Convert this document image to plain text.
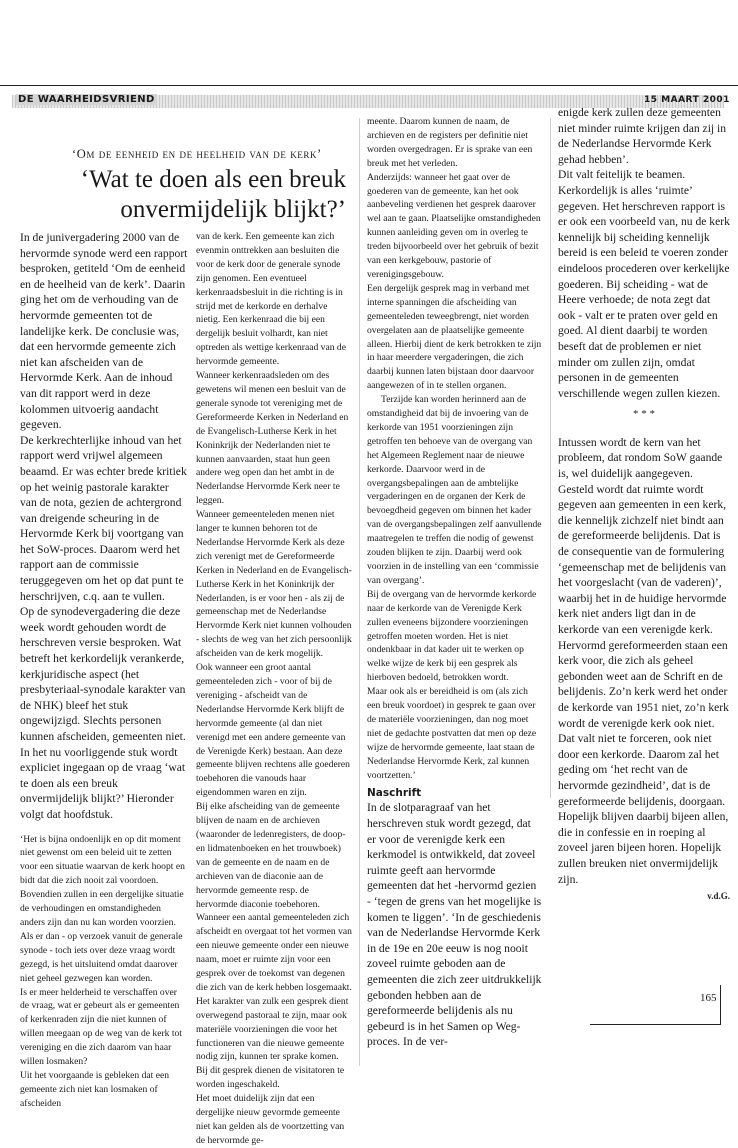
DE WAARHEIDSVRIEND	15 MAART 2001
‘Om de eenheid en de heelheid van de kerk’
‘Wat te doen als een breuk onvermijdelijk blijkt?’

In de junivergadering 2000 van de hervormde synode werd een rapport besproken, getiteld ‘Om de eenheid en de heelheid van de kerk’. Daarin ging het om de verhouding van de hervormde gemeenten tot de landelijke kerk. De conclusie was, dat een hervormde gemeente zich niet kan afscheiden van de Hervormde Kerk. Aan de inhoud van dit rapport werd in deze kolommen uitvoerig aandacht gegeven.

De kerkrechterlijke inhoud van het rapport werd vrijwel algemeen beaamd. Er was echter brede kritiek op het weinig pastorale karakter van de nota, gezien de achtergrond van dreigende scheuring in de Hervormde Kerk bij voortgang van het SoW-proces. Daarom werd het rapport aan de commissie teruggegeven om het op dat punt te herschrijven, c.q. aan te vullen.

Op de synodevergadering die deze week wordt gehouden wordt de herschreven versie besproken. Wat betreft het kerkordelijk verankerde, kerkjuridische aspect (het presbyteriaal-synodale karakter van de NHK) bleef het stuk ongewijzigd. Slechts personen kunnen afscheiden, gemeenten niet. In het nu voorliggende stuk wordt expliciet ingegaan op de vraag ‘wat te doen als een breuk onvermijdelijk blijkt?’ Hieronder volgt dat hoofdstuk.

‘Het is bijna ondoenlijk en op dit moment niet gewenst om een beleid uit te zetten voor een situatie waarvan de kerk hoopt en bidt dat die zich nooit zal voordoen. Bovendien zullen in een dergelijke situatie de verhoudingen en omstandigheden anders zijn dan nu kan worden voorzien.

Als er dan - op verzoek vanuit de generale synode - toch iets over deze vraag wordt gezegd, is het uitsluitend omdat daarover niet geheel gezwegen kan worden.

Is er meer helderheid te verschaffen over de vraag, wat er gebeurt als er gemeenten of kerkenraden zijn die niet kunnen of willen meegaan op de weg van de kerk tot vereniging en die zich daarom van haar willen losmaken?

Uit het voorgaande is gebleken dat een gemeente zich niet kan losmaken of afscheiden

van de kerk. Een gemeente kan zich evenmin onttrekken aan besluiten die voor de kerk door de generale synode zijn genomen. Een eventueel kerkenraadsbesluit in die richting is in strijd met de kerkorde en derhalve nietig. Een kerkenraad die bij een dergelijk besluit volhardt, kan niet optreden als wettige kerkenraad van de hervormde gemeente.

Wanneer kerkenraadsleden om des gewetens wil menen een besluit van de generale synode tot vereniging met de Gereformeerde Kerken in Nederland en de Evangelisch-Lutherse Kerk in het Koninkrijk der Nederlanden niet te kunnen aanvaarden, staat hun geen andere weg open dan het ambt in de Nederlandse Hervormde Kerk neer te leggen.

Wanneer gemeenteleden menen niet langer te kunnen behoren tot de Nederlandse Hervormde Kerk als deze zich verenigt met de Gereformeerde Kerken in Nederland en de Evangelisch-Lutherse Kerk in het Koninkrijk der Nederlanden, is er voor hen - als zij de gemeenschap met de Nederlandse Hervormde Kerk niet kunnen volhouden - slechts de weg van het zich persoonlijk afscheiden van de kerk mogelijk.

Ook wanneer een groot aantal gemeenteleden zich - voor of bij de vereniging - afscheidt van de Nederlandse Hervormde Kerk blijft de hervormde gemeente (al dan niet verenigd met een andere gemeente van de Verenigde Kerk) bestaan. Aan deze gemeente blijven rechtens alle goederen toebehoren die vanouds haar eigendommen waren en zijn.

Bij elke afscheiding van de gemeente blijven de naam en de archieven (waaronder de ledenregisters, de doop- en lidmatenboeken en het trouwboek) van de gemeente en de naam en de archieven van de diaconie aan de hervormde gemeente resp. de hervormde diaconie toebehoren.

Wanneer een aantal gemeenteleden zich afscheidt en overgaat tot het vormen van een nieuwe gemeente onder een nieuwe naam, moet er ruimte zijn voor een gesprek over de toekomst van degenen die zich van de kerk hebben losgemaakt. Het karakter van zulk een gesprek dient overwegend pastoraal te zijn, maar ook materiële voorzieningen die voor het functioneren van die nieuwe gemeente nodig zijn, kunnen ter sprake komen. Bij dit gesprek dienen de visitatoren te worden ingeschakeld.

Het moet duidelijk zijn dat een dergelijke nieuw gevormde gemeente niet kan gelden als de voortzetting van de hervormde ge-

meente. Daarom kunnen de naam, de archieven en de registers per definitie niet worden overgedragen. Er is sprake van een breuk met het verleden.

Anderzijds: wanneer het gaat over de goederen van de gemeente, kan het ook aanbeveling verdienen het gesprek daarover wel aan te gaan. Plaatselijke omstandigheden kunnen aanleiding geven om in overleg te treden bijvoorbeeld over het gebruik of bezit van een kerkgebouw, pastorie of verenigingsgebouw.

Een dergelijk gesprek mag in verband met interne spanningen die afscheiding van gemeenteleden teweegbrengt, niet worden overgelaten aan de plaatselijke gemeente alleen. Hierbij dient de kerk betrokken te zijn in haar meerdere vergaderingen, die zich daarbij kunnen laten bijstaan door daarvoor aangewezen of in te stellen organen.

Terzijde kan worden herinnerd aan de omstandigheid dat bij de invoering van de kerkorde van 1951 voorzieningen zijn getroffen ten behoeve van de overgang van het Algemeen Reglement naar de nieuwe kerkorde. Daarvoor werd in de overgangsbepalingen aan de ambtelijke vergaderingen en de organen der Kerk de bevoegdheid gegeven om binnen het kader van de overgangsbepalingen zelf aanvullende maatregelen te treffen die nodig of gewenst zouden blijken te zijn. Daarbij werd ook voorzien in de instelling van een ‘commissie van overgang’.

Bij de overgang van de hervormde kerkorde naar de kerkorde van de Verenigde Kerk zullen eveneens bijzondere voorzieningen getroffen moeten worden. Het is niet ondenkbaar in dat kader uit te werken op welke wijze de kerk bij een gesprek als hierboven bedoeld, betrokken wordt.

Maar ook als er bereidheid is om (als zich een breuk voordoet) in gesprek te gaan over de materiële voorzieningen, dan nog moet niet de gedachte postvatten dat men op deze wijze de hervormde gemeente, laat staan de Nederlandse Hervormde Kerk, zal kunnen voortzetten.’

Naschrift

In de slotparagraaf van het herschreven stuk wordt gezegd, dat er voor de verenigde kerk een kerkmodel is ontwikkeld, dat zoveel ruimte geeft aan hervormde gemeenten dat het -hervormd gezien - ‘tegen de grens van het mogelijke is komen te liggen’. ‘In de geschiedenis van de Nederlandse Hervormde Kerk in de 19e en 20e eeuw is nog nooit zoveel ruimte geboden aan de gemeenten die zich zeer uitdrukkelijk gebonden hebben aan de gereformeerde belijdenis als nu gebeurd is in het Samen op Weg-proces. In de ver-

enigde kerk zullen deze gemeenten niet minder ruimte krijgen dan zij in de Nederlandse Hervormde Kerk gehad hebben’.

Dit valt feitelijk te beamen. Kerkordelijk is alles ‘ruimte’ gegeven. Het herschreven rapport is er ook een voorbeeld van, nu de kerk kennelijk bij scheiding kennelijk bereid is een beleid te voeren zonder eindeloos procederen over kerkelijke goederen. Bij scheiding - wat de Heere verhoede; de nota zegt dat ook - valt er te praten over geld en goed. Al dient daarbij te worden beseft dat de problemen er niet minder om zullen zijn, omdat personen in de gemeenten verschillende wegen zullen kiezen.

* * *

Intussen wordt de kern van het probleem, dat rondom SoW gaande is, wel duidelijk aangegeven. Gesteld wordt dat ruimte wordt gegeven aan gemeenten in een kerk, die kennelijk zichzelf niet bindt aan de gereformeerde belijdenis. Dat is de consequentie van de formulering ‘gemeenschap met de belijdenis van het voorgeslacht (van de vaderen)’, waarbij het in de huidige hervormde kerk niet anders ligt dan in de kerkorde van een verenigde kerk. Hervormd gereformeerden staan een kerk voor, die zich als geheel gebonden weet aan de Schrift en de belijdenis. Zo’n kerk werd het onder de kerkorde van 1951 niet, zo’n kerk wordt de verenigde kerk ook niet. Dat valt niet te forceren, ook niet door een kerkorde. Daarom zal het geding om ‘het recht van de hervormde gezindheid’, dat is de gereformeerde belijdenis, doorgaan. Hopelijk blijven daarbij bijeen allen, die in confessie en in roeping al zoveel jaren bijeen horen. Hopelijk zullen breuken niet onvermijdelijk zijn.

v.d.G.

165
